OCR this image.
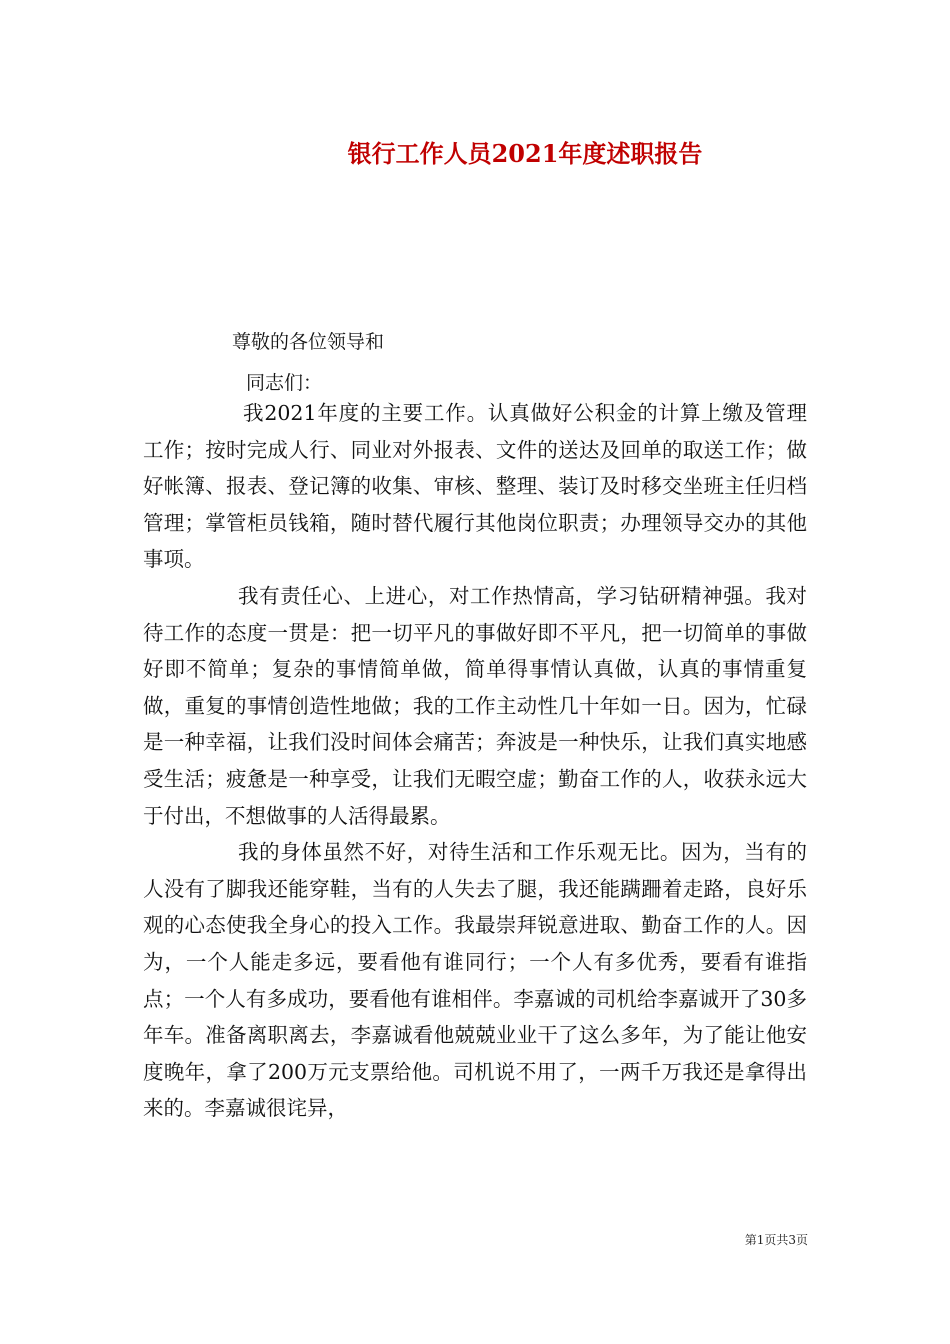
银行工作人员2021年度述职报告
尊敬的各位领导和
同志们：

我2021年度的主要工作。认真做好公积金的计算上缴及管理工作；按时完成人行、同业对外报表、文件的送达及回单的取送工作；做好帐簿、报表、登记簿的收集、审核、整理、装订及时移交坐班主任归档管理；掌管柜员钱箱，随时替代履行其他岗位职责；办理领导交办的其他事项。

我有责任心、上进心，对工作热情高，学习钻研精神强。我对待工作的态度一贯是：把一切平凡的事做好即不平凡，把一切简单的事做好即不简单；复杂的事情简单做，简单得事情认真做，认真的事情重复做，重复的事情创造性地做；我的工作主动性几十年如一日。因为，忙碌是一种幸福，让我们没时间体会痛苦；奔波是一种快乐，让我们真实地感受生活；疲惫是一种享受，让我们无暇空虚；勤奋工作的人，收获永远大于付出，不想做事的人活得最累。

我的身体虽然不好，对待生活和工作乐观无比。因为，当有的人没有了脚我还能穿鞋，当有的人失去了腿，我还能蹒跚着走路，良好乐观的心态使我全身心的投入工作。我最崇拜锐意进取、勤奋工作的人。因为，一个人能走多远，要看他有谁同行；一个人有多优秀，要看有谁指点；一个人有多成功，要看他有谁相伴。李嘉诚的司机给李嘉诚开了30多年车。准备离职离去，李嘉诚看他兢兢业业干了这么多年，为了能让他安度晚年，拿了200万元支票给他。司机说不用了，一两千万我还是拿得出来的。李嘉诚很诧异，

第1页共3页
